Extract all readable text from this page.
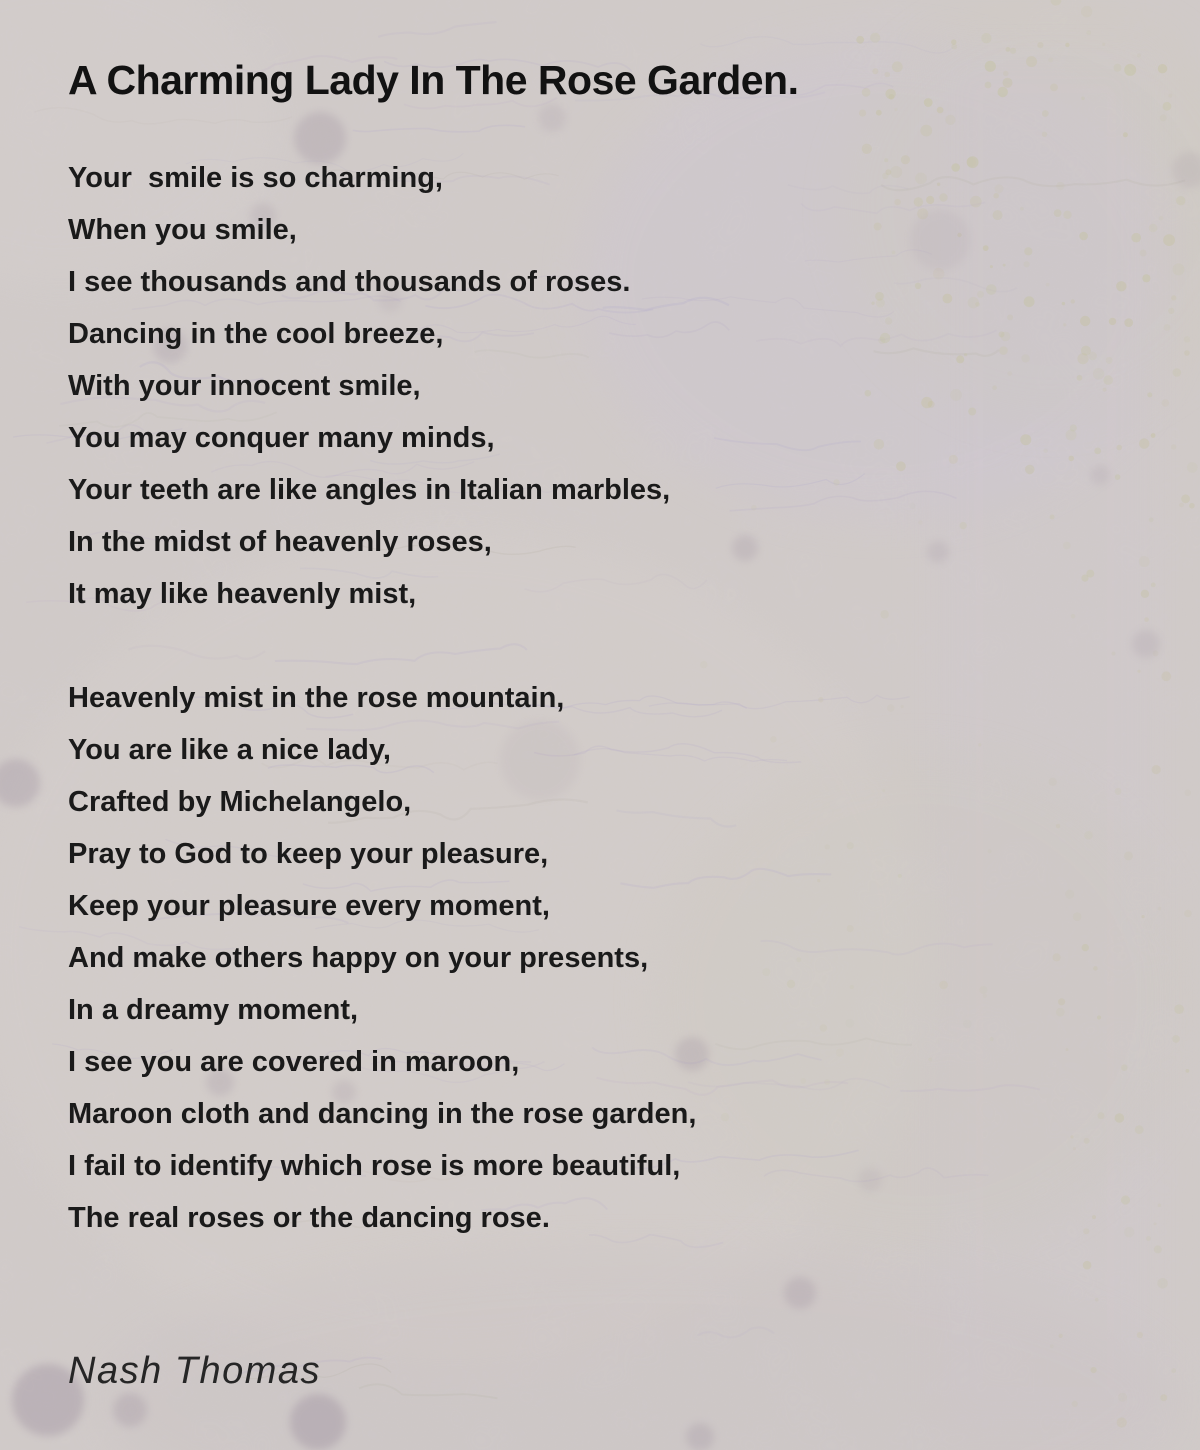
A Charming Lady In The Rose Garden.
Your  smile is so charming,
When you smile,
I see thousands and thousands of roses.
Dancing in the cool breeze,
With your innocent smile,
You may conquer many minds,
Your teeth are like angles in Italian marbles,
In the midst of heavenly roses,
It may like heavenly mist,
Heavenly mist in the rose mountain,
You are like a nice lady,
Crafted by Michelangelo,
Pray to God to keep your pleasure,
Keep your pleasure every moment,
And make others happy on your presents,
In a dreamy moment,
I see you are covered in maroon,
Maroon cloth and dancing in the rose garden,
I fail to identify which rose is more beautiful,
The real roses or the dancing rose.
Nash Thomas
